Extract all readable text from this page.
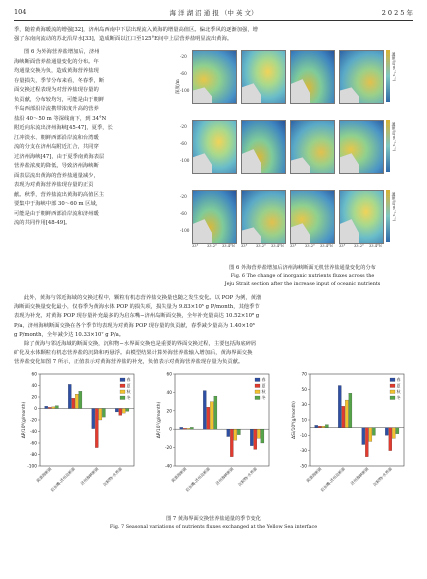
104	海 洋 湖 沼 通 报 （中 英 文）	2 0 2 5 年
季，随着黄海暖流的增强[32]，济州岛西南中下层出现流入黄海的增量高值区。偏北季风的逐渐加强，增
强了东南向流动的苏北沿岸水[33]，造成断面以江口至125°E间中上层营养盐明显流出黄海。
图 6 为外海营养盐增加后，济州
海峡断面营养盐通量变化的分布。年
均通量交换为负，造成黄海营养盐现
存量损失，季节分布来看，冬春季，断
面交换过程表现为对营养盐现存量的
负贡献，分布较均匀，可能是由于朝鲜
半岛西部沿岸流携带浓度升高的营养
盐沿 40～50 m 等深线南下，到 34°N
附近向东流出济州海峡[45-47]，夏季，长
江冲淡水、朝鲜西部沿岸流和台湾暖
流的分支在济州岛附近汇合，共同穿
过济州海峡[47]，由于夏季南黄海表层
营养盐浓度的降低，导致济州海峡断
面表层流出黄海的营养盐通量减少，
表现为对黄海营养盐现存量的正贡
献。秋季，营养盐流出黄海的高值区主
要集中于海峡中部 30～60 m 区域，
可能是由于朝鲜西部沿岸流和济州暖
流的共同作用[48-49]。
深度/m
-20
-60
-100
通量/(g·m⁻²·s⁻¹)
-20
-60
-100
通量/(g·m⁻²·s⁻¹)
-20
-60
-100
通量/(g·m⁻²·s⁻¹)
33° 33.2° 33.4°N 33° 33.2° 33.4°N 33° 33.2° 33.4°N 33° 33.2° 33.4°N
图 6 外海营养盐增加后济州海峡断面无机营养盐通量变化的分布
Fig. 6 The change of inorganic nutrients fluxes across the
Jeju Strait section after the increase input of oceanic nutrients
此外，黄海与邻近海域的交换过程中，颗粒有机态营养盐交换量也随之发生变化。以 POP 为例，黄渤
海断面交换量变化最小，仅春季为黄海水体 POP 的损失项，损失量为 9.83×10⁵ g P/month，其他季节
表现为补充，对黄海 POP 现存量补充最多的为启东嘴−济州岛断面交换，全年补充量高达 10.52×10⁸ g
P/a，济州海峡断面交换在各个季节均表现为对黄海 POP 现存量的负贡献，春季减少量高为 1.40×10⁶
g P/month，全年减少达 10.33×10⁷ g P/a。
除了黄海与邻近海域的断面交换，沉积物−水界面交换也是重要的界面交换过程，主要包括海底碎屑
矿化及水体颗粒有机态营养盐的沉降和再悬浮。由模型结果计算外海营养盐输入增加后，黄海界面交换
营养盐变化如图 7 所示，正值表示对黄海营养盐的补充，负值表示对黄海营养盐现存量为负贡献。
60
40
20
0
-20
-40
-60
-80
-100
ΔP/10⁸(g/month)
黄渤海断面
启东嘴-济州岛断面 济州海峡断面 沉积物-水界面
春
夏
秋
冬
60
40
20
0
-20
-40
ΔP/10⁷(g/month)
黄渤海断面
启东嘴-济州岛断面 济州海峡断面 沉积物-水界面
春
夏
秋
冬
70
50
30
10
-10
-30
-50
ΔSi/10⁹(g/month)
黄渤海断面
启东嘴-济州岛断面 济州海峡断面 沉积物-水界面
春
夏
秋
冬
图 7 黄海界面交换营养盐通量的季节变化
Fig. 7 Seasonal variations of nutrients fluxes exchanged at the Yellow Sea interface
